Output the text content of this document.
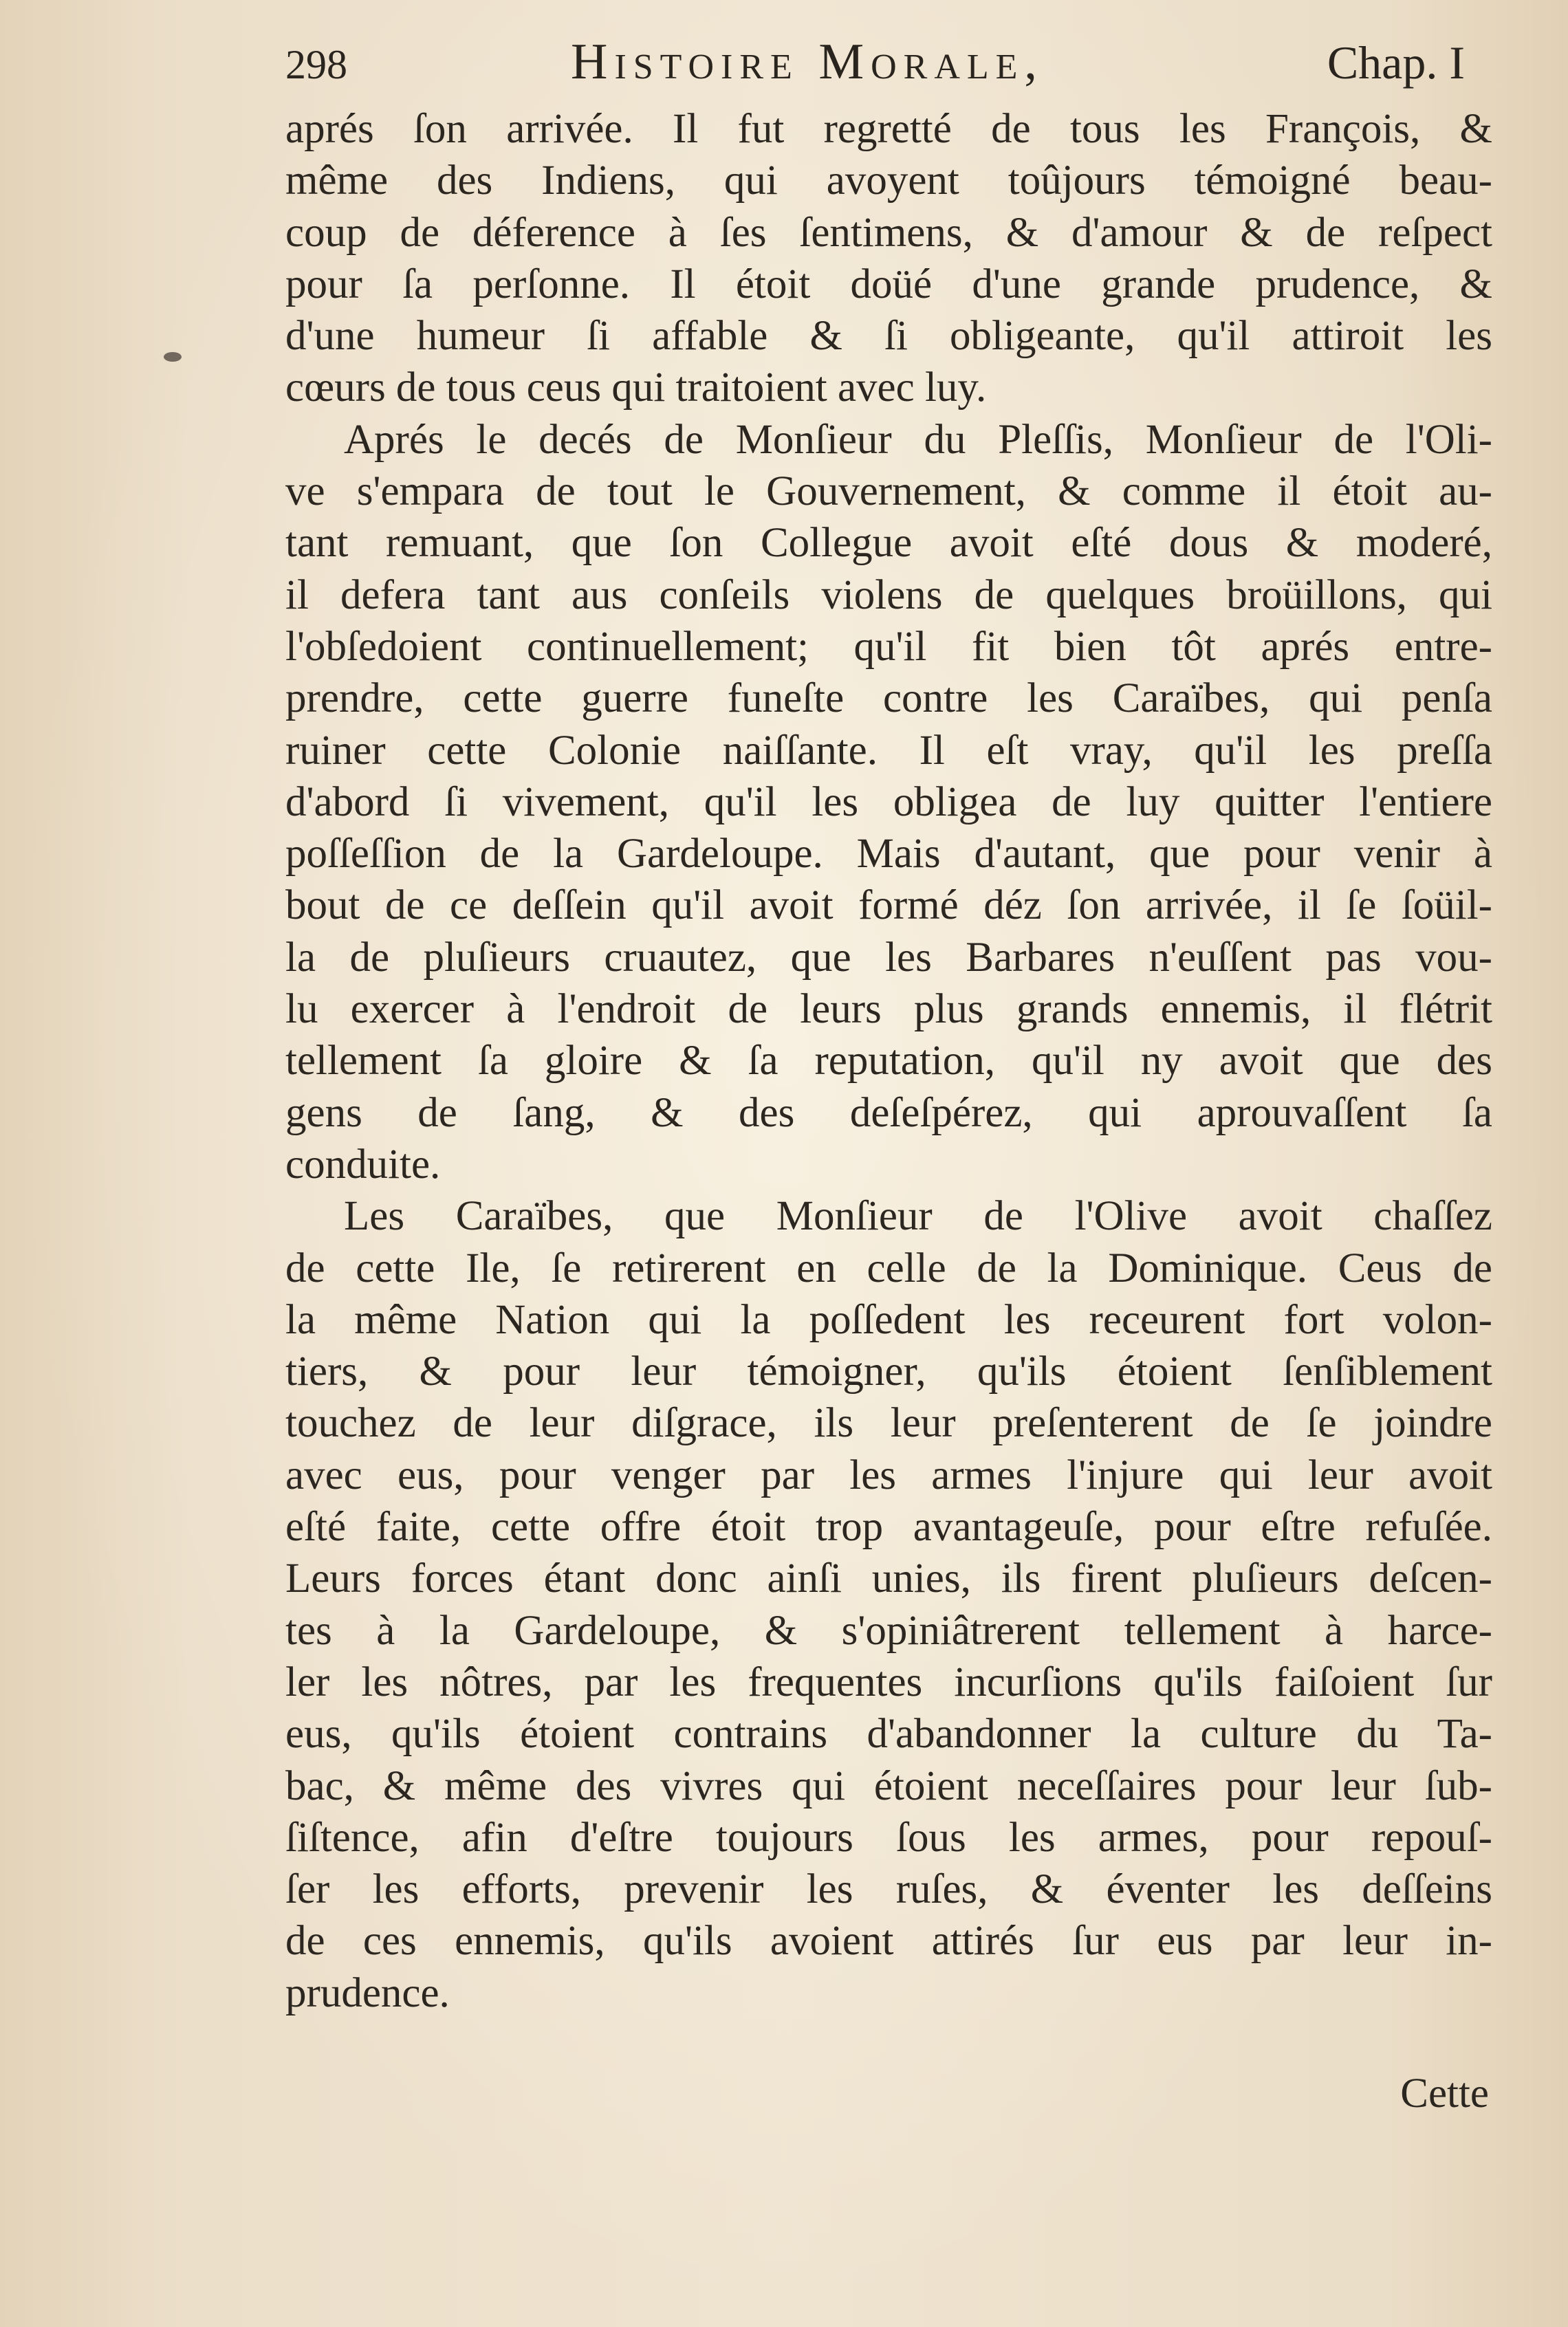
298	Histoire Morale,	Chap. I
aprés ſon arrivée. Il fut regretté de tous les François, &
même des Indiens, qui avoyent toûjours témoigné beau-
coup de déference à ſes ſentimens, & d'amour & de reſpect
pour ſa perſonne. Il étoit doüé d'une grande prudence, &
d'une humeur ſi affable & ſi obligeante, qu'il attiroit les
cœurs de tous ceus qui traitoient avec luy.
Aprés le decés de Monſieur du Pleſſis, Monſieur de l'Oli-
ve s'empara de tout le Gouvernement, & comme il étoit au-
tant remuant, que ſon Collegue avoit eſté dous & moderé,
il defera tant aus conſeils violens de quelques broüillons, qui
l'obſedoient continuellement; qu'il fit bien tôt aprés entre-
prendre, cette guerre funeſte contre les Caraïbes, qui penſa
ruiner cette Colonie naiſſante. Il eſt vray, qu'il les preſſa
d'abord ſi vivement, qu'il les obligea de luy quitter l'entiere
poſſeſſion de la Gardeloupe. Mais d'autant, que pour venir à
bout de ce deſſein qu'il avoit formé déz ſon arrivée, il ſe ſoüil-
la de pluſieurs cruautez, que les Barbares n'euſſent pas vou-
lu exercer à l'endroit de leurs plus grands ennemis, il flétrit
tellement ſa gloire & ſa reputation, qu'il ny avoit que des
gens de ſang, & des deſeſpérez, qui aprouvaſſent ſa
conduite.
Les Caraïbes, que Monſieur de l'Olive avoit chaſſez
de cette Ile, ſe retirerent en celle de la Dominique. Ceus de
la même Nation qui la poſſedent les receurent fort volon-
tiers, & pour leur témoigner, qu'ils étoient ſenſiblement
touchez de leur diſgrace, ils leur preſenterent de ſe joindre
avec eus, pour venger par les armes l'injure qui leur avoit
eſté faite, cette offre étoit trop avantageuſe, pour eſtre refuſée.
Leurs forces étant donc ainſi unies, ils firent pluſieurs deſcen-
tes à la Gardeloupe, & s'opiniâtrerent tellement à harce-
ler les nôtres, par les frequentes incurſions qu'ils faiſoient ſur
eus, qu'ils étoient contrains d'abandonner la culture du Ta-
bac, & même des vivres qui étoient neceſſaires pour leur ſub-
ſiſtence, afin d'eſtre toujours ſous les armes, pour repouſ-
ſer les efforts, prevenir les ruſes, & éventer les deſſeins
de ces ennemis, qu'ils avoient attirés ſur eus par leur in-
prudence.
Cette
